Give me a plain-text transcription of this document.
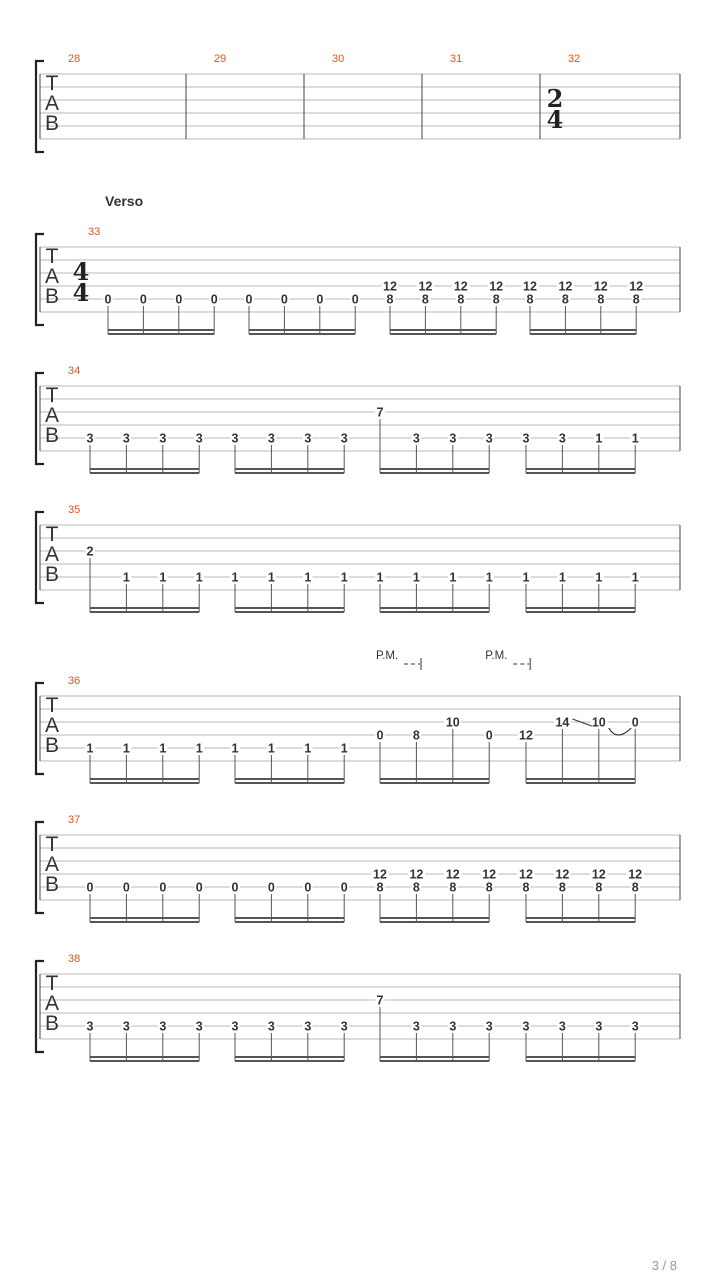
T
A
B
28	29	30	31	32
2
4
T
A
B
33
4
4 0 0 0 0 0 0 0 0
12
8
12
8
12
8
12
8
12
8
12
8
12
8
12
8
T
A
B
34
3 3 3 3 3 3 3 3
7
3 3 3 3 3 1 1
T
A
B
35
2
1 1 1 1 1 1 1 1 1 1 1 1 1 1 1
T
A
B
36
1 1 1 1 1 1 1 1
0 8
10
0 12
14 10 0
P.M.	P.M.
T
A
B
37
0 0 0 0 0 0 0 0
12
8
12
8
12
8
12
8
12
8
12
8
12
8
12
8
T
A
B
38
3 3 3 3 3 3 3 3
7
3 3 3 3 3 3 3
Verso
3 / 8
